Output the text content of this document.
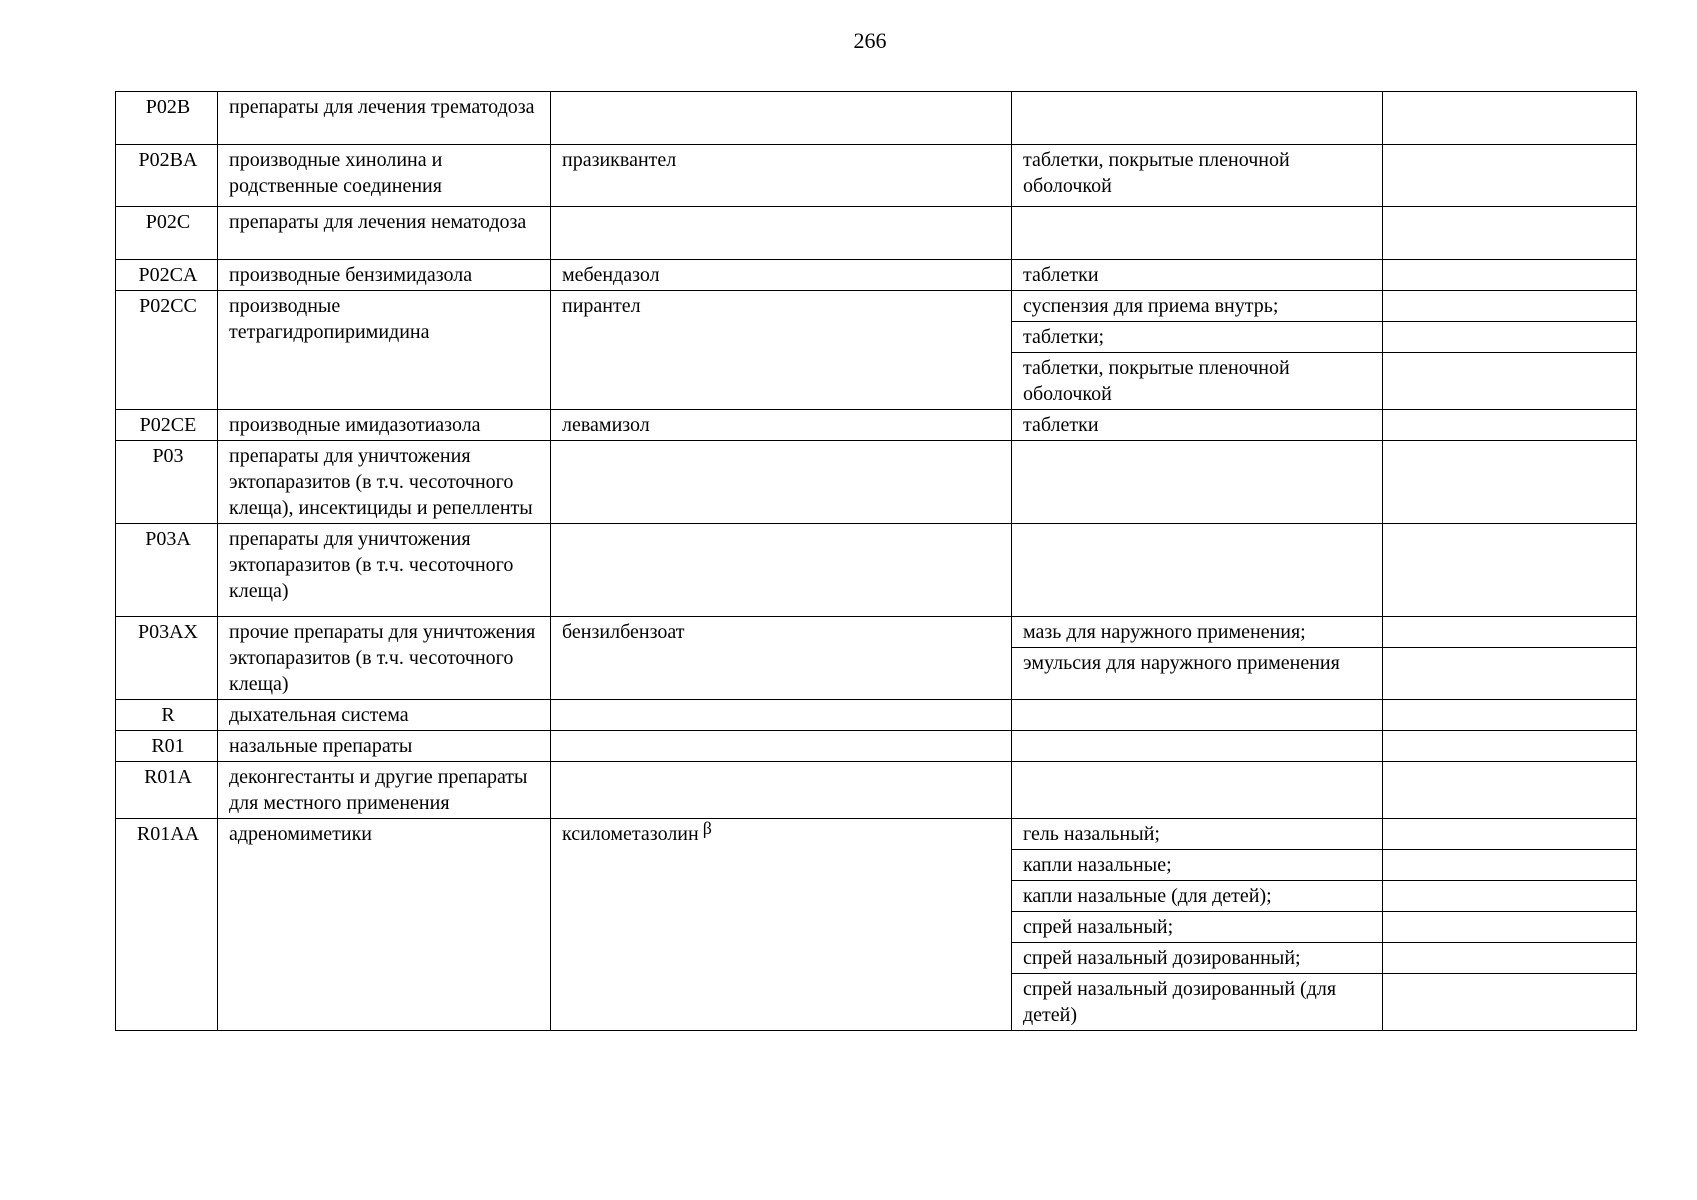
266
P02B	препараты для лечения трематодоза			
P02BA	производные хинолина и родственные соединения	празиквантел	таблетки, покрытые пленочной оболочкой	
P02C	препараты для лечения нематодоза			
P02CA	производные бензимидазола	мебендазол	таблетки	
P02CC	производные тетрагидропиримидина	пирантел	суспензия для приема внутрь;	
			таблетки;	
			таблетки, покрытые пленочной оболочкой	
P02CE	производные имидазотиазола	левамизол	таблетки	
P03	препараты для уничтожения эктопаразитов (в т.ч. чесоточного клеща), инсектициды и репелленты			
P03A	препараты для уничтожения эктопаразитов (в т.ч. чесоточного клеща)			
P03AX	прочие препараты для уничтожения эктопаразитов (в т.ч. чесоточного клеща)	бензилбензоат	мазь для наружного применения;	
			эмульсия для наружного применения	
R	дыхательная система			
R01	назальные препараты			
R01A	деконгестанты и другие препараты для местного применения			
R01AA	адреномиметики	ксилометазолин β	гель назальный;	
			капли назальные;	
			капли назальные (для детей);	
			спрей назальный;	
			спрей назальный дозированный;	
			спрей назальный дозированный (для детей)	
